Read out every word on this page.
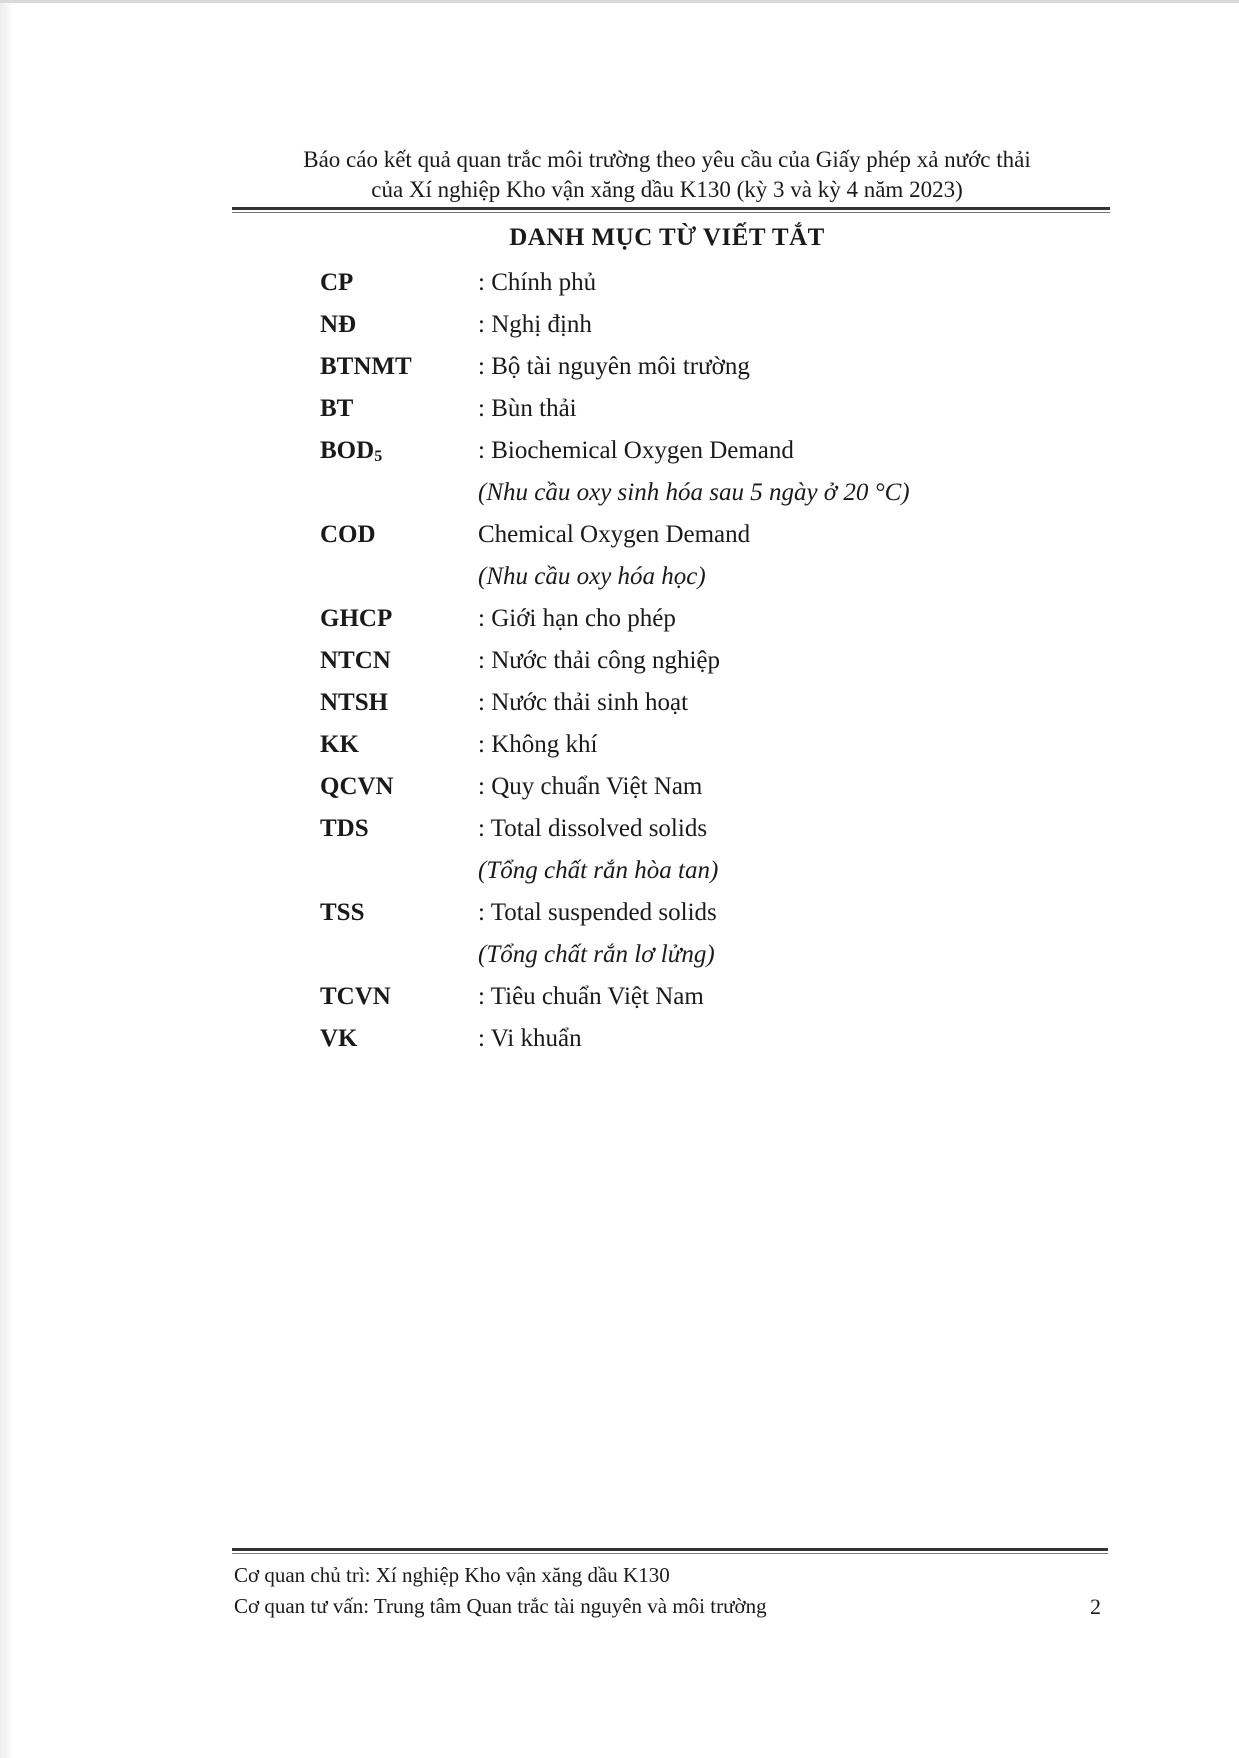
Báo cáo kết quả quan trắc môi trường theo yêu cầu của Giấy phép xả nước thải
của Xí nghiệp Kho vận xăng dầu K130 (kỳ 3 và kỳ 4 năm 2023)
DANH MỤC TỪ VIẾT TẮT
CP	: Chính phủ
NĐ	: Nghị định
BTNMT	: Bộ tài nguyên môi trường
BT	: Bùn thải
$BOD_5$	: Biochemical Oxygen Demand
(Nhu cầu oxy sinh hóa sau 5 ngày ở 20 °C)
COD	Chemical Oxygen Demand
(Nhu cầu oxy hóa học)
GHCP	: Giới hạn cho phép
NTCN	: Nước thải công nghiệp
NTSH	: Nước thải sinh hoạt
KK	: Không khí
QCVN	: Quy chuẩn Việt Nam
TDS	: Total dissolved solids
(Tổng chất rắn hòa tan)
TSS	: Total suspended solids
(Tổng chất rắn lơ lửng)
TCVN	: Tiêu chuẩn Việt Nam
VK	: Vi khuẩn
Cơ quan chủ trì: Xí nghiệp Kho vận xăng dầu K130
Cơ quan tư vấn: Trung tâm Quan trắc tài nguyên và môi trường	2
